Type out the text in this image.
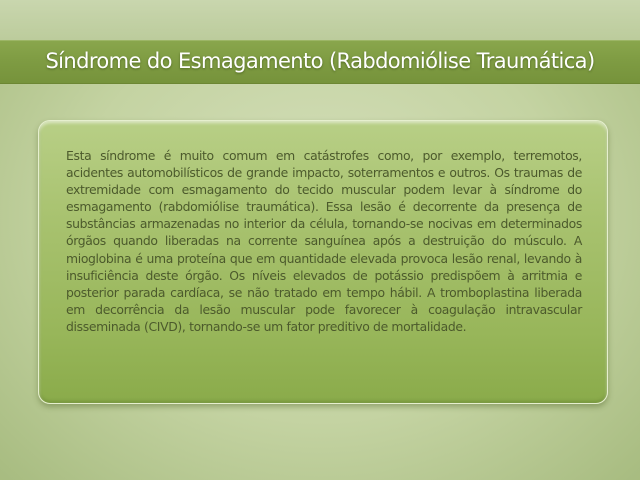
Síndrome do Esmagamento (Rabdomiólise Traumática)

Esta síndrome é muito comum em catástrofes como, por exemplo, terremotos, acidentes automobilísticos de grande impacto, soterramentos e outros. Os traumas de extremidade com esmagamento do tecido muscular podem levar à síndrome do esmagamento (rabdomiólise traumática). Essa lesão é decorrente da presença de substâncias armazenadas no interior da célula, tornando-se nocivas em determinados órgãos quando liberadas na corrente sanguínea após a destruição do músculo. A mioglobina é uma proteína que em quantidade elevada provoca lesão renal, levando à insuficiência deste órgão. Os níveis elevados de potássio predispõem à arritmia e posterior parada cardíaca, se não tratado em tempo hábil. A tromboplastina liberada em decorrência da lesão muscular pode favorecer à coagulação intravascular disseminada (CIVD), tornando-se um fator preditivo de mortalidade.
